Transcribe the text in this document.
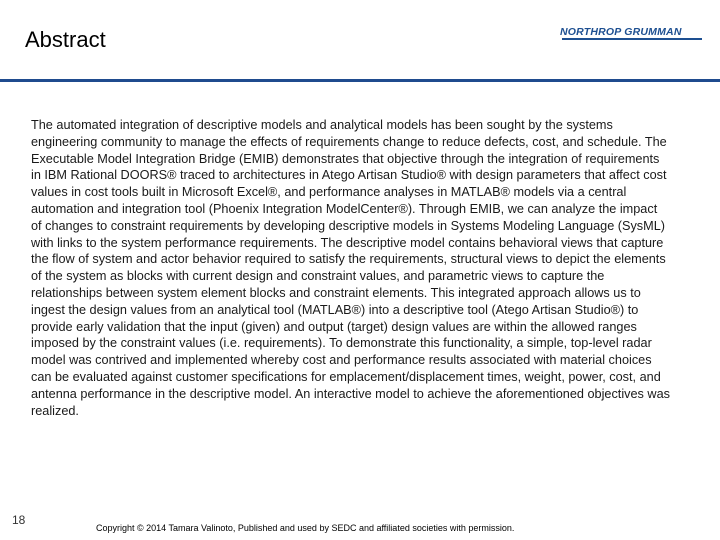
Abstract	NORTHROP GRUMMAN
The automated integration of descriptive models and analytical models has been sought by the systems engineering community to manage the effects of requirements change to reduce defects, cost, and schedule. The Executable Model Integration Bridge (EMIB) demonstrates that objective through the integration of requirements in IBM Rational DOORS® traced to architectures in Atego Artisan Studio® with design parameters that affect cost values in cost tools built in Microsoft Excel®, and performance analyses in MATLAB® models via a central automation and integration tool (Phoenix Integration ModelCenter®). Through EMIB, we can analyze the impact of changes to constraint requirements by developing descriptive models in Systems Modeling Language (SysML) with links to the system performance requirements. The descriptive model contains behavioral views that capture the flow of system and actor behavior required to satisfy the requirements, structural views to depict the elements of the system as blocks with current design and constraint values, and parametric views to capture the relationships between system element blocks and constraint elements. This integrated approach allows us to ingest the design values from an analytical tool (MATLAB®) into a descriptive tool (Atego Artisan Studio®) to provide early validation that the input (given) and output (target) design values are within the allowed ranges imposed by the constraint values (i.e. requirements). To demonstrate this functionality, a simple, top-level radar model was contrived and implemented whereby cost and performance results associated with material choices can be evaluated against customer specifications for emplacement/displacement times, weight, power, cost, and antenna performance in the descriptive model. An interactive model to achieve the aforementioned objectives was realized.
18
Copyright © 2014 Tamara Valinoto, Published and used by SEDC and affiliated societies with permission.
